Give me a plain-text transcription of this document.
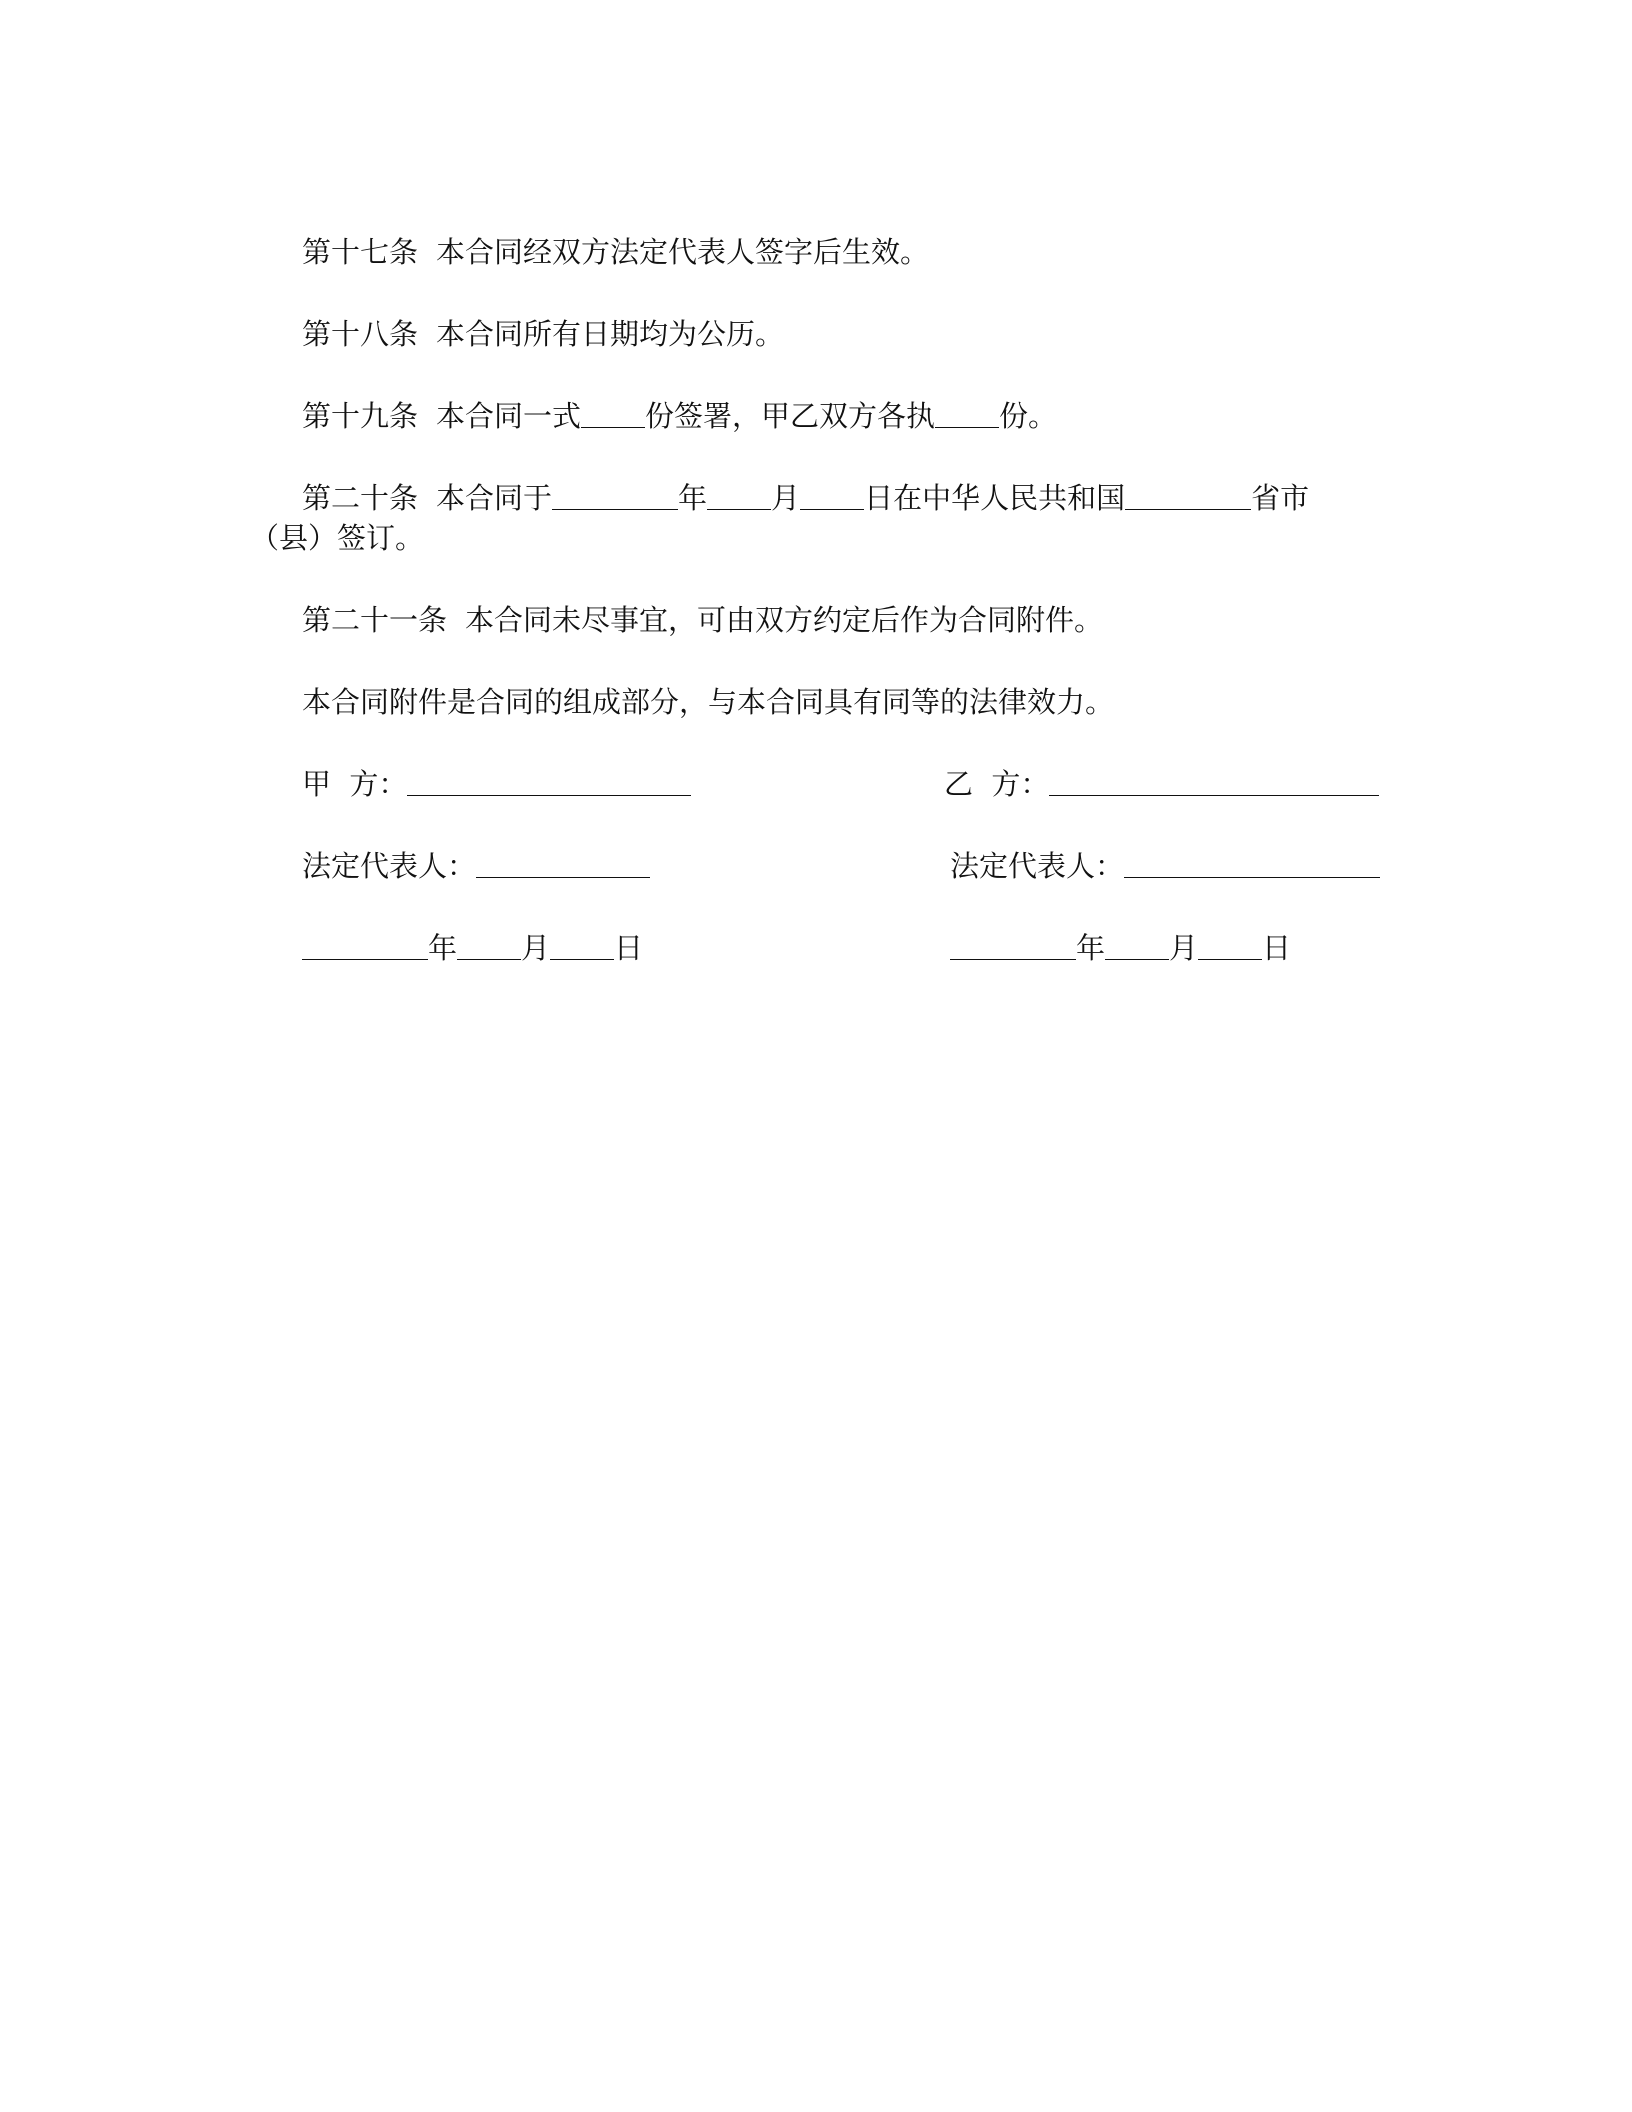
第十七条 本合同经双方法定代表人签字后生效。
第十八条 本合同所有日期均为公历。
第十九条 本合同一式 份签署，甲乙双方各执 份。
第二十条 本合同于	年 月 日在中华人民共和国	省市
（县）签订。
第二十一条 本合同未尽事宜，可由双方约定后作为合同附件。
本合同附件是合同的组成部分，与本合同具有同等的法律效力。
甲  方：	乙  方：
法定代表人：	法定代表人：
年 月 日	年 月 日
